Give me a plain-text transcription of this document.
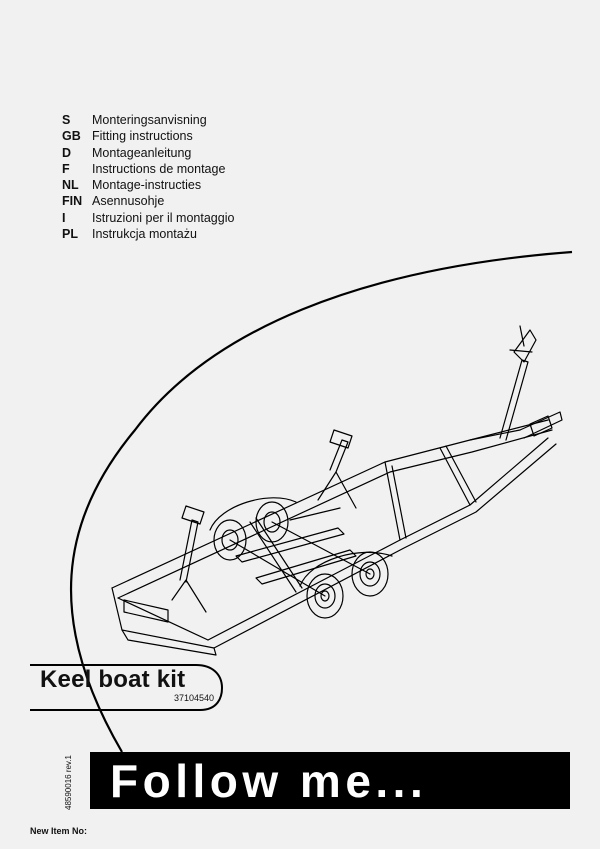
S	Monteringsanvisning
GB Fitting instructions
D	Montageanleitung
F	Instructions de montage
NL	Montage-instructies
FIN Asennusohje
I	Istruzioni per il montaggio
PL	Instrukcja montażu
Keel boat kit
37104540
Follow me...
48590016 rev.1
New Item No:
